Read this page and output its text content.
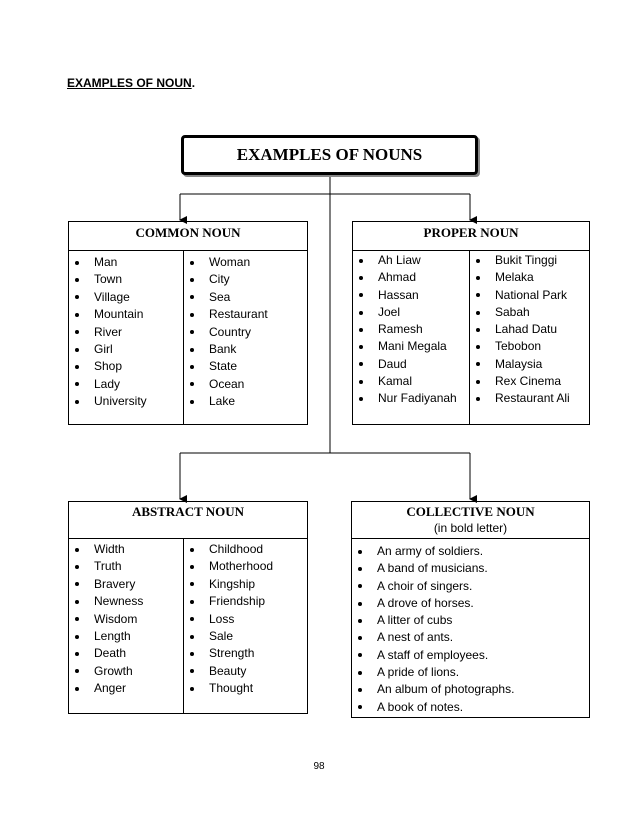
EXAMPLES OF NOUN.
EXAMPLES OF NOUNS
COMMON NOUN
Man
Town
Village
Mountain
River
Girl
Shop
Lady
University
Woman
City
Sea
Restaurant
Country
Bank
State
Ocean
Lake
PROPER NOUN
Ah Liaw
Ahmad
Hassan
Joel
Ramesh
Mani Megala
Daud
Kamal
Nur Fadiyanah
Bukit Tinggi
Melaka
National Park
Sabah
Lahad Datu
Tebobon
Malaysia
Rex Cinema
Restaurant Ali
ABSTRACT NOUN
Width
Truth
Bravery
Newness
Wisdom
Length
Death
Growth
Anger
Childhood
Motherhood
Kingship
Friendship
Loss
Sale
Strength
Beauty
Thought
COLLECTIVE NOUN
(in bold letter)
An army of soldiers.
A band of musicians.
A choir of singers.
A drove of horses.
A litter of cubs
A nest of ants.
A staff of employees.
A pride of lions.
An album of photographs.
A book of notes.
98
